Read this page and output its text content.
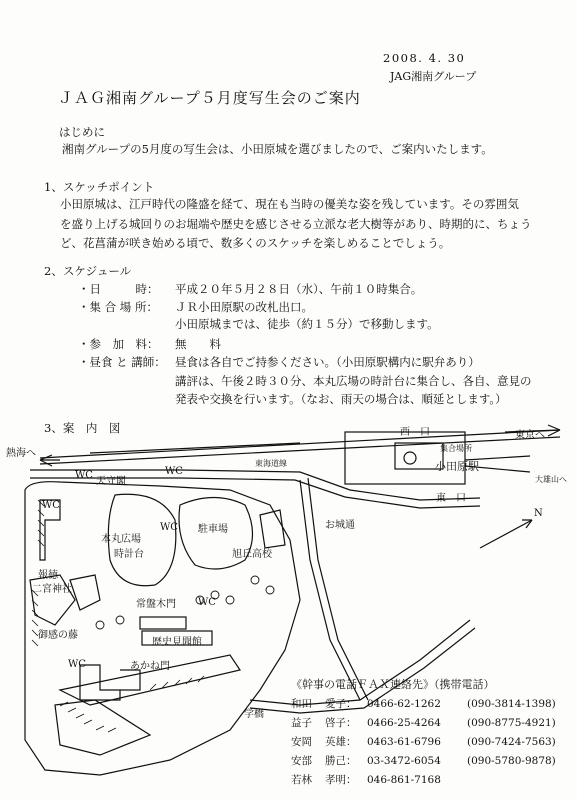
2008. 4. 30
JAG湘南グループ
ＪＡＧ湘南グループ５月度写生会のご案内
はじめに
湘南グループの5月度の写生会は、小田原城を選びましたので、ご案内いたします。
1、スケッチポイント
小田原城は、江戸時代の隆盛を経て、現在も当時の優美な姿を残しています。その雰囲気
を盛り上げる城回りのお堀端や歴史を感じさせる立派な老大樹等があり、時期的に、ちょう
ど、花菖蒲が咲き始める頃で、数多くのスケッチを楽しめることでしょう。
2、スケジュール
・日　　　時： 平成２０年５月２８日（水）、午前１０時集合。
・集 合 場 所： ＪＲ小田原駅の改札出口。
小田原城までは、徒歩（約１５分）で移動します。
・参　加　料： 無　　料
・昼食 と 講師： 昼食は各自でご持参ください。（小田原駅構内に駅弁あり）
講評は、午後２時３０分、本丸広場の時計台に集合し、各自、意見の
発表や交換を行います。（なお、雨天の場合は、順延とします。）
3、案　内　図
熱海へ
東京へ
西　口
東　口
集合場所
小田原駅
大雄山へ
東海道線
WC	WC
WC
WC
WC
WC
天守閣
本丸広場
時計台
駐車場
旭丘高校
報徳
二宮神社
常盤木門
歴史見聞館
あかね門
御感の藤
学橋
お城通
N
《幹事の電話ＦＡＸ連絡先》（携帯電話）
和田	愛子：	0466-62-1262	(090-3814-1398)
益子	啓子：	0466-25-4264	(090-8775-4921)
安岡	英雄：	0463-61-6796	(090-7424-7563)
安部	勝己：	03-3472-6054	(090-5780-9878)
若林	孝明：	046-861-7168	
